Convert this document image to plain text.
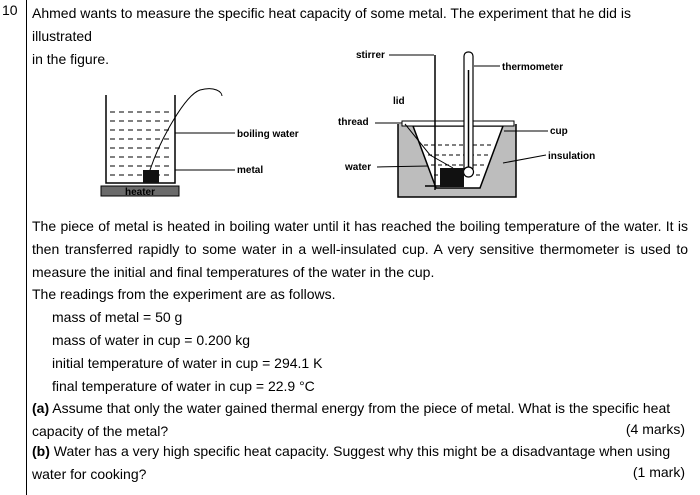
10 Ahmed wants to measure the specific heat capacity of some metal. The experiment that he did is illustrated
in the figure.
heater
boiling water
metal
stirrer
thermometer
lid
thread
cup
insulation
water
The piece of metal is heated in boiling water until it has reached the boiling temperature of the water. It is then transferred rapidly to some water in a well-insulated cup. A very sensitive thermometer is used to measure the initial and final temperatures of the water in the cup.
The readings from the experiment are as follows.
mass of metal = 50 g
mass of water in cup = 0.200 kg
initial temperature of water in cup = 294.1 K
final temperature of water in cup = 22.9 °C
(a) Assume that only the water gained thermal energy from the piece of metal. What is the specific heat capacity of the metal?	(4 marks)
(b) Water has a very high specific heat capacity. Suggest why this might be a disadvantage when using water for cooking?	(1 mark)
